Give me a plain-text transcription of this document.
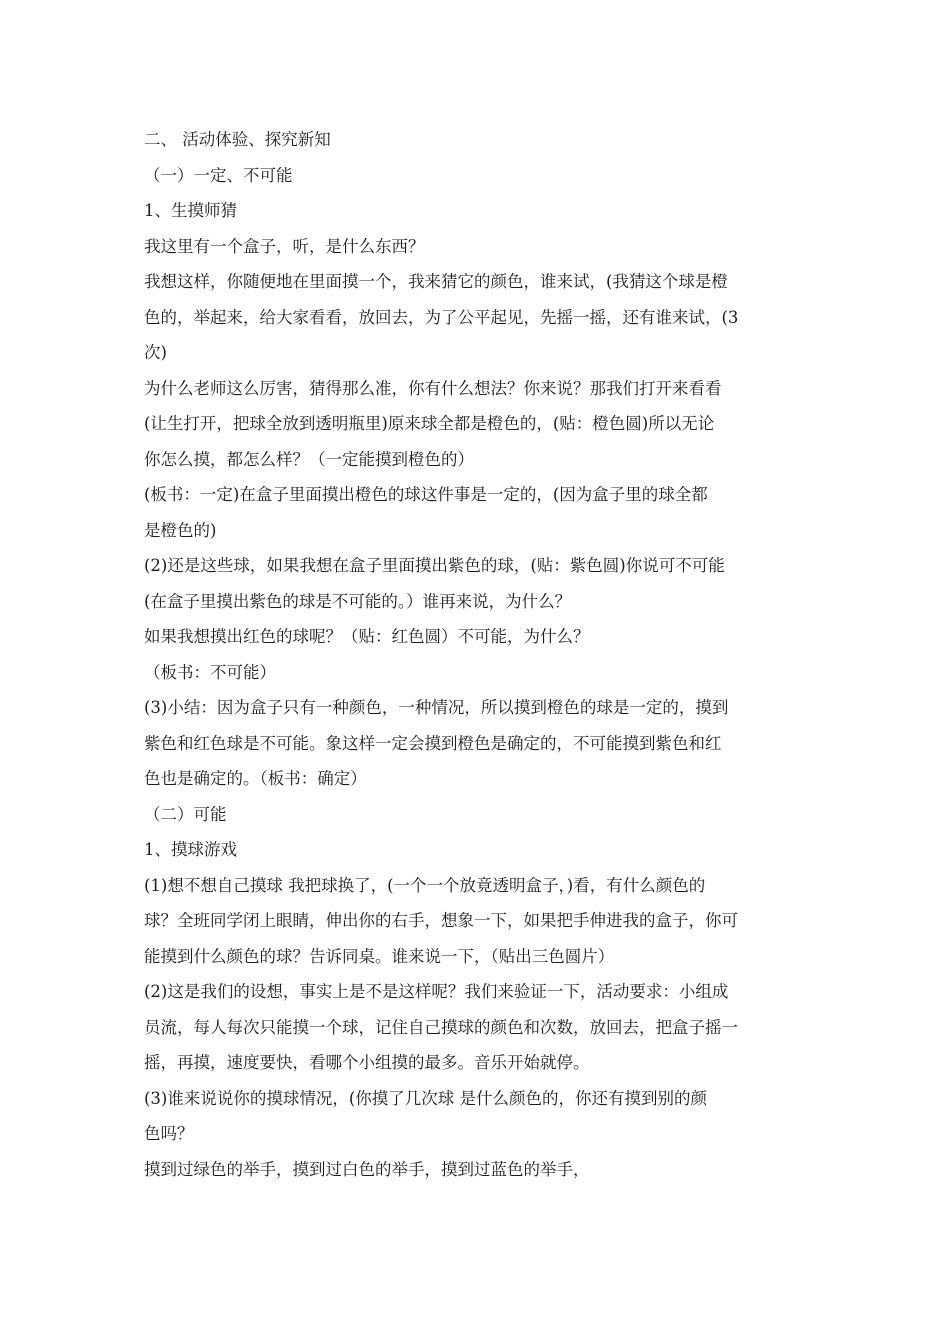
二、 活动体验、探究新知
（一）一定、不可能
1、生摸师猜
我这里有一个盒子，听，是什么东西？
我想这样，你随便地在里面摸一个，我来猜它的颜色，谁来试，(我猜这个球是橙
色的，举起来，给大家看看，放回去，为了公平起见，先摇一摇，还有谁来试，(3
次)
为什么老师这么厉害，猜得那么准，你有什么想法？你来说？那我们打开来看看
(让生打开，把球全放到透明瓶里)原来球全都是橙色的，(贴：橙色圆)所以无论
你怎么摸，都怎么样？（一定能摸到橙色的）
(板书：一定)在盒子里面摸出橙色的球这件事是一定的，(因为盒子里的球全都
是橙色的)
(2)还是这些球，如果我想在盒子里面摸出紫色的球，(贴：紫色圆)你说可不可能
(在盒子里摸出紫色的球是不可能的。）谁再来说，为什么？
如果我想摸出红色的球呢？（贴：红色圆）不可能，为什么？
（板书：不可能）
(3)小结：因为盒子只有一种颜色，一种情况，所以摸到橙色的球是一定的，摸到
紫色和红色球是不可能。象这样一定会摸到橙色是确定的，不可能摸到紫色和红
色也是确定的。（板书：确定）
（二）可能
1、摸球游戏
(1)想不想自己摸球 我把球换了，(一个一个放竟透明盒子，)看，有什么颜色的
球？全班同学闭上眼睛，伸出你的右手，想象一下，如果把手伸进我的盒子，你可
能摸到什么颜色的球？告诉同桌。谁来说一下，（贴出三色圆片）
(2)这是我们的设想，事实上是不是这样呢？我们来验证一下，活动要求：小组成
员流，每人每次只能摸一个球，记住自己摸球的颜色和次数，放回去，把盒子摇一
摇，再摸，速度要快，看哪个小组摸的最多。音乐开始就停。
(3)谁来说说你的摸球情况，(你摸了几次球 是什么颜色的，你还有摸到别的颜
色吗？
摸到过绿色的举手，摸到过白色的举手，摸到过蓝色的举手，
